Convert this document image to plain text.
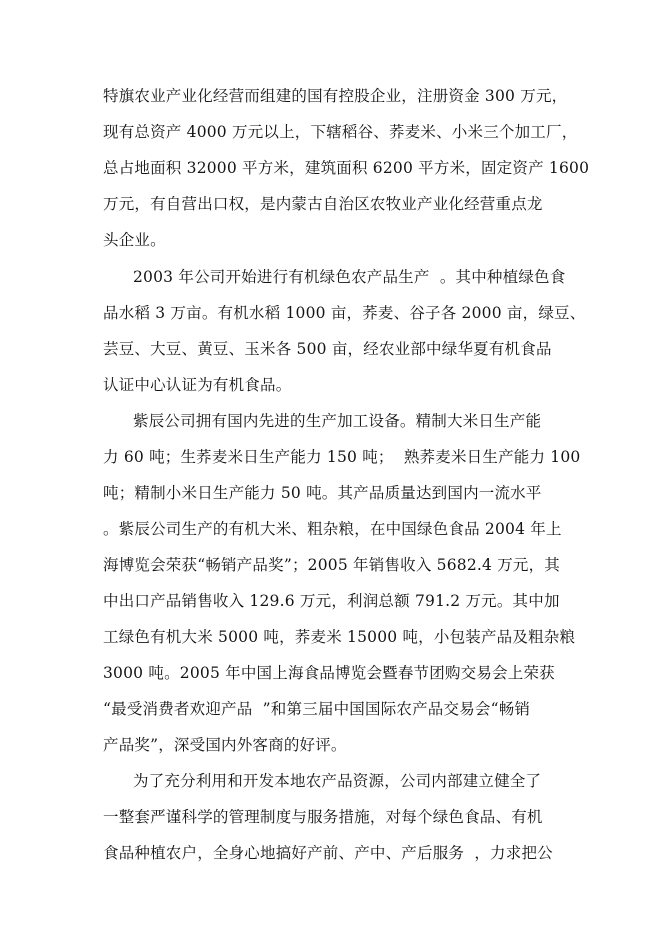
特旗农业产业化经营而组建的国有控股企业，注册资金 300 万元，
现有总资产 4000 万元以上，下辖稻谷、荞麦米、小米三个加工厂，
总占地面积 32000 平方米，建筑面积 6200 平方米，固定资产 1600
万元，有自营出口权，是内蒙古自治区农牧业产业化经营重点龙
头企业。
2003 年公司开始进行有机绿色农产品生产  。其中种植绿色食
品水稻 3 万亩。有机水稻 1000 亩，荞麦、谷子各 2000 亩，绿豆、
芸豆、大豆、黄豆、玉米各 500 亩，经农业部中绿华夏有机食品
认证中心认证为有机食品。
紫辰公司拥有国内先进的生产加工设备。精制大米日生产能
力 60 吨；生荞麦米日生产能力 150 吨；  熟荞麦米日生产能力 100
吨；精制小米日生产能力 50 吨。其产品质量达到国内一流水平
。紫辰公司生产的有机大米、粗杂粮，在中国绿色食品 2004 年上
海博览会荣获“畅销产品奖”；2005 年销售收入 5682.4 万元，其
中出口产品销售收入 129.6 万元，利润总额 791.2 万元。其中加
工绿色有机大米 5000 吨，荞麦米 15000 吨，小包装产品及粗杂粮
3000 吨。2005 年中国上海食品博览会暨春节团购交易会上荣获
“最受消费者欢迎产品  ”和第三届中国国际农产品交易会“畅销
产品奖”，深受国内外客商的好评。
为了充分利用和开发本地农产品资源，公司内部建立健全了
一整套严谨科学的管理制度与服务措施，对每个绿色食品、有机
食品种植农户，全身心地搞好产前、产中、产后服务  ，力求把公
